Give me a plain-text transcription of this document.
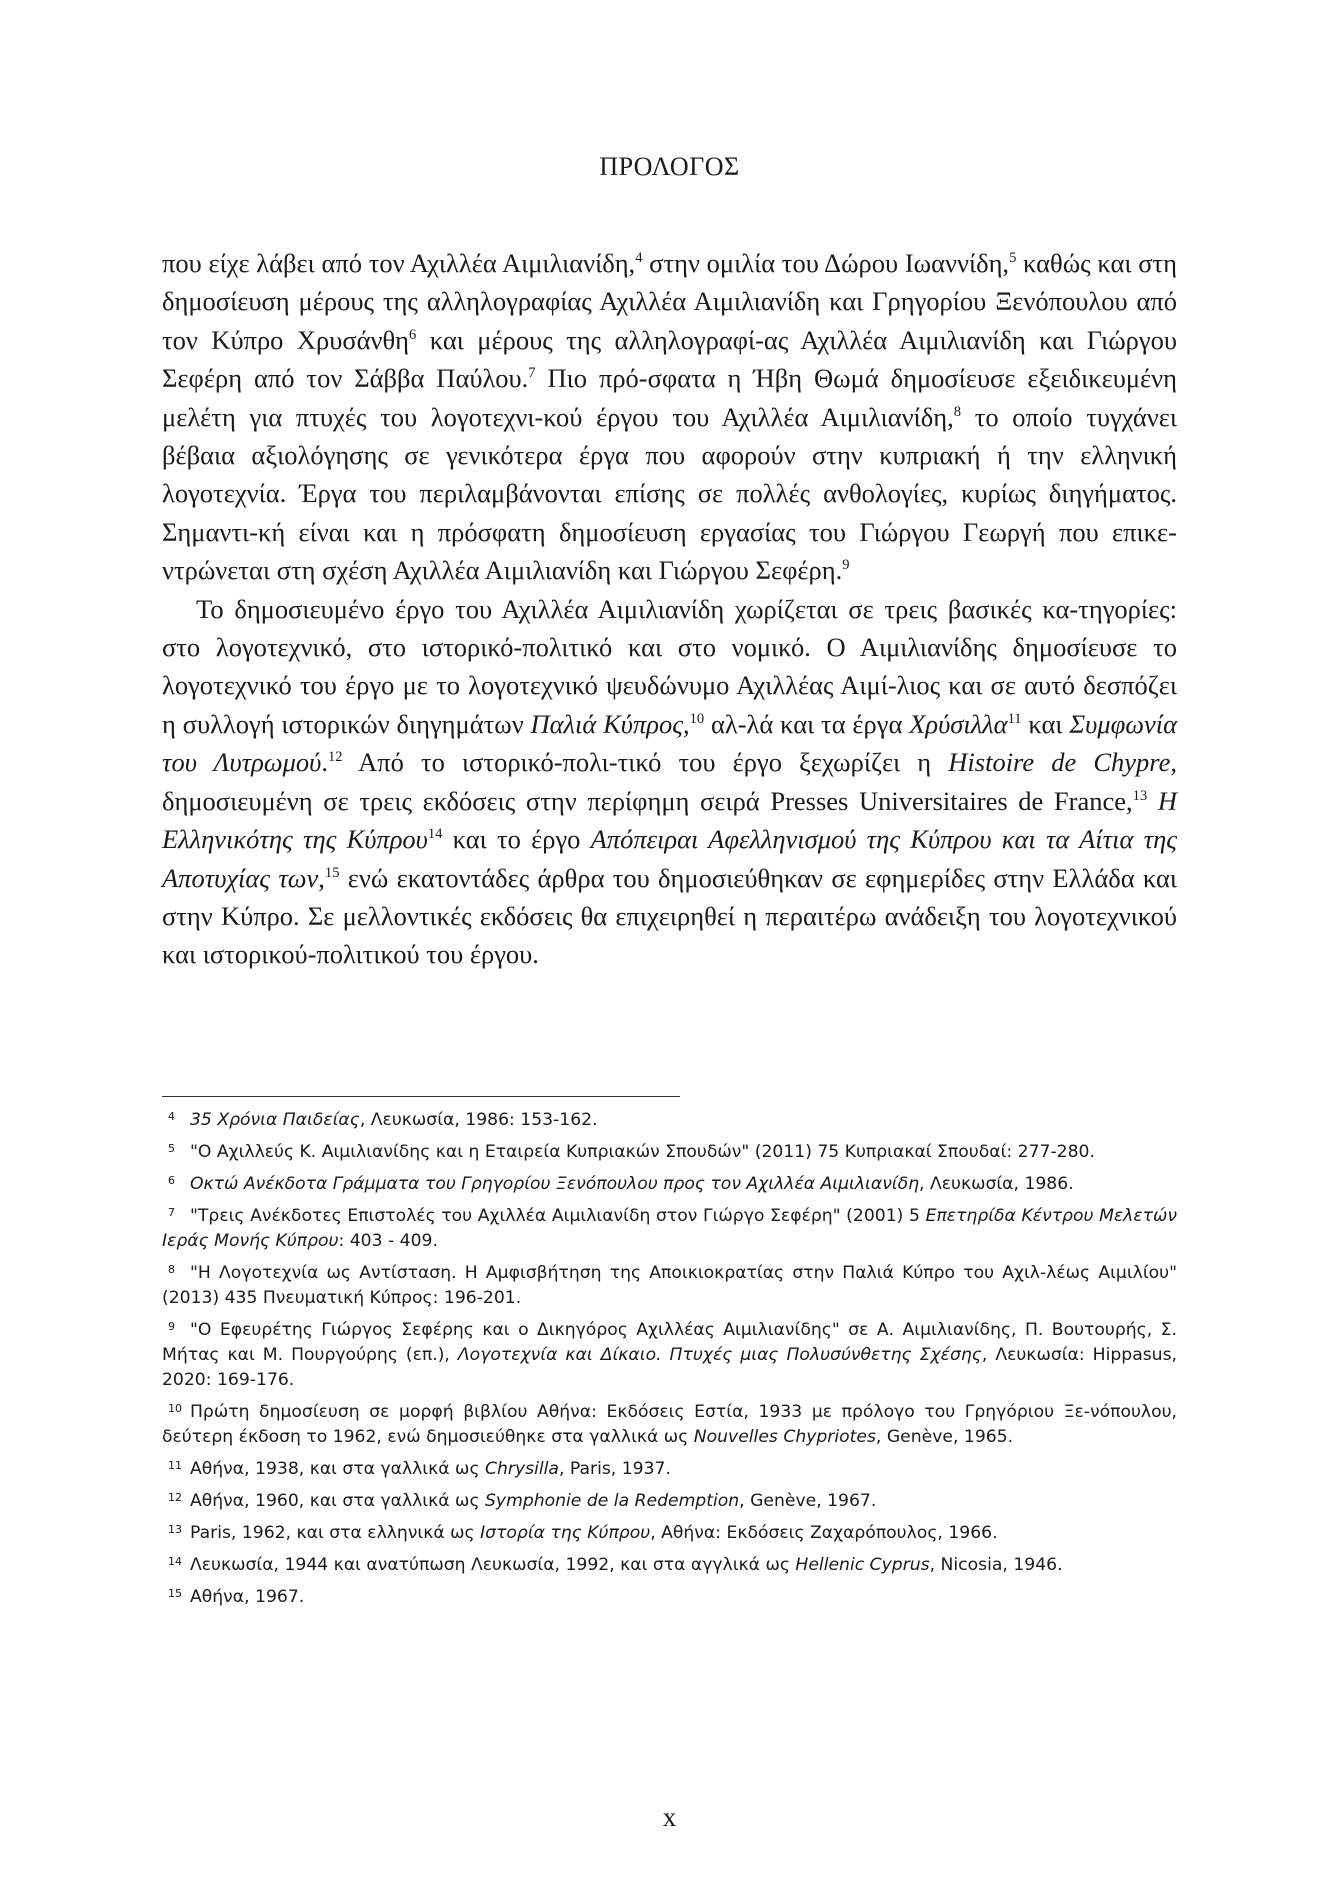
ΠΡΟΛΟΓΟΣ

που είχε λάβει από τον Αχιλλέα Αιμιλιανίδη,$^4$ στην ομιλία του Δώρου Ιωαννίδη,$^5$ καθώς και στη δημοσίευση μέρους της αλληλογραφίας Αχιλλέα Αιμιλιανίδη και Γρηγορίου Ξενόπουλου από τον Κύπρο Χρυσάνθη$^6$ και μέρους της αλληλογραφί-ας Αχιλλέα Αιμιλιανίδη και Γιώργου Σεφέρη από τον Σάββα Παύλου.$^7$ Πιο πρό-σφατα η Ήβη Θωμά δημοσίευσε εξειδικευμένη μελέτη για πτυχές του λογοτεχνι-κού έργου του Αχιλλέα Αιμιλιανίδη,$^8$ το οποίο τυγχάνει βέβαια αξιολόγησης σε γενικότερα έργα που αφορούν στην κυπριακή ή την ελληνική λογοτεχνία. Έργα του περιλαμβάνονται επίσης σε πολλές ανθολογίες, κυρίως διηγήματος. Σημαντι-κή είναι και η πρόσφατη δημοσίευση εργασίας του Γιώργου Γεωργή που επικε-ντρώνεται στη σχέση Αχιλλέα Αιμιλιανίδη και Γιώργου Σεφέρη.$^9$

Το δημοσιευμένο έργο του Αχιλλέα Αιμιλιανίδη χωρίζεται σε τρεις βασικές κα-τηγορίες: στο λογοτεχνικό, στο ιστορικό-πολιτικό και στο νομικό. Ο Αιμιλιανίδης δημοσίευσε το λογοτεχνικό του έργο με το λογοτεχνικό ψευδώνυμο Αχιλλέας Αιμί-λιος και σε αυτό δεσπόζει η συλλογή ιστορικών διηγημάτων Παλιά Κύπρος,$^{10}$ αλ-λά και τα έργα Χρύσιλλα$^{11}$ και Συμφωνία του Λυτρωμού.$^{12}$ Από το ιστορικό-πολι-τικό του έργο ξεχωρίζει η Histoire de Chypre, δημοσιευμένη σε τρεις εκδόσεις στην περίφημη σειρά Presses Universitaires de France,$^{13}$ Η Ελληνικότης της Κύπρου$^{14}$ και το έργο Απόπειραι Αφελληνισμού της Κύπρου και τα Αίτια της Αποτυχίας των,$^{15}$ ενώ εκατοντάδες άρθρα του δημοσιεύθηκαν σε εφημερίδες στην Ελλάδα και στην Κύπρο. Σε μελλοντικές εκδόσεις θα επιχειρηθεί η περαιτέρω ανάδειξη του λογοτεχνικού και ιστορικού-πολιτικού του έργου.

4 35 Χρόνια Παιδείας, Λευκωσία, 1986: 153-162.

5 "Ο Αχιλλεύς Κ. Αιμιλιανίδης και η Εταιρεία Κυπριακών Σπουδών" (2011) 75 Κυπριακαί Σπουδαί: 277-280.

6 Οκτώ Ανέκδοτα Γράμματα του Γρηγορίου Ξενόπουλου προς τον Αχιλλέα Αιμιλιανίδη, Λευκωσία, 1986.

7 "Τρεις Ανέκδοτες Επιστολές του Αχιλλέα Αιμιλιανίδη στον Γιώργο Σεφέρη" (2001) 5 Επετηρίδα Κέντρου Μελετών Ιεράς Μονής Κύπρου: 403 - 409.

8 "Η Λογοτεχνία ως Αντίσταση. Η Αμφισβήτηση της Αποικιοκρατίας στην Παλιά Κύπρο του Αχιλ-λέως Αιμιλίου" (2013) 435 Πνευματική Κύπρος: 196-201.

9 "Ο Εφευρέτης Γιώργος Σεφέρης και ο Δικηγόρος Αχιλλέας Αιμιλιανίδης" σε Α. Αιμιλιανίδης, Π. Βουτουρής, Σ. Μήτας και Μ. Πουργούρης (επ.), Λογοτεχνία και Δίκαιο. Πτυχές μιας Πολυσύνθετης Σχέσης, Λευκωσία: Hippasus, 2020: 169-176.

10 Πρώτη δημοσίευση σε μορφή βιβλίου Αθήνα: Εκδόσεις Εστία, 1933 με πρόλογο του Γρηγόριου Ξε-νόπουλου, δεύτερη έκδοση το 1962, ενώ δημοσιεύθηκε στα γαλλικά ως Nouvelles Chypriotes, Genève, 1965.

11 Αθήνα, 1938, και στα γαλλικά ως Chrysilla, Paris, 1937.

12 Αθήνα, 1960, και στα γαλλικά ως Symphonie de la Redemption, Genève, 1967.

13 Paris, 1962, και στα ελληνικά ως Ιστορία της Κύπρου, Αθήνα: Εκδόσεις Ζαχαρόπουλος, 1966.

14 Λευκωσία, 1944 και ανατύπωση Λευκωσία, 1992, και στα αγγλικά ως Hellenic Cyprus, Nicosia, 1946.

15 Αθήνα, 1967.

x
